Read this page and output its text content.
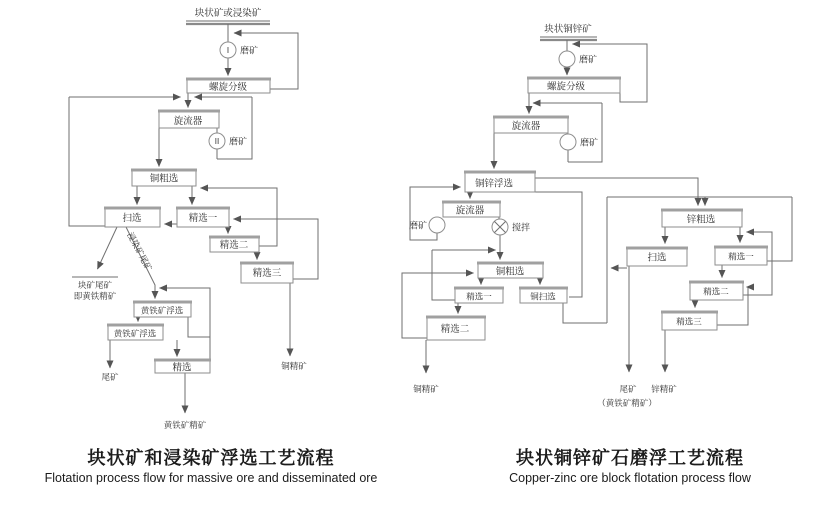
块状矿或浸染矿
I 磨矿
螺旋分级
旋流器
II 磨矿
铜粗选
扫选	精选一
精选二
精选三
浸染矿尾矿
块矿尾矿
即黄铁精矿
黄铁矿浮选
黄铁矿浮选
精选
尾矿
黄铁矿精矿
铜精矿
块状铜锌矿
磨矿
螺旋分级
旋流器
磨矿
铜锌浮选
旋流器
磨矿	搅拌
铜粗选
精选一	铜扫选
精选二
锌粗选
扫选	精选一
精选二
精选三
铜精矿	尾矿 锌精矿
（黄铁矿精矿）
块状矿和浸染矿浮选工艺流程
Flotation process flow for massive ore and disseminated ore
块状铜锌矿石磨浮工艺流程
Copper-zinc ore block flotation process flow
